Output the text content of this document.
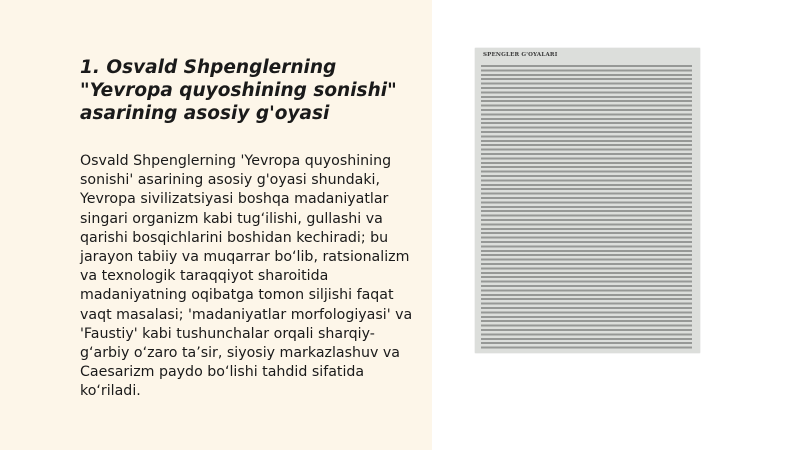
1. Osvald Shpenglerning "Yevropa quyoshining sonishi" asarining asosiy g'oyasi

Osvald Shpenglerning 'Yevropa quyoshining sonishi' asarining asosiy g'oyasi shundaki, Yevropa sivilizatsiyasi boshqa madaniyatlar singari organizm kabi tug‘ilishi, gullashi va qarishi bosqichlarini boshidan kechiradi; bu jarayon tabiiy va muqarrar bo‘lib, ratsionalizm va texnologik taraqqiyot sharoitida madaniyatning oqibatga tomon siljishi faqat vaqt masalasi; 'madaniyatlar morfologiyasi' va 'Faustiy' kabi tushunchalar orqali sharqiy-g‘arbiy o‘zaro ta’sir, siyosiy markazlashuv va Caesarizm paydo bo‘lishi tahdid sifatida ko‘riladi.

SPENGLER G'OYALARI
